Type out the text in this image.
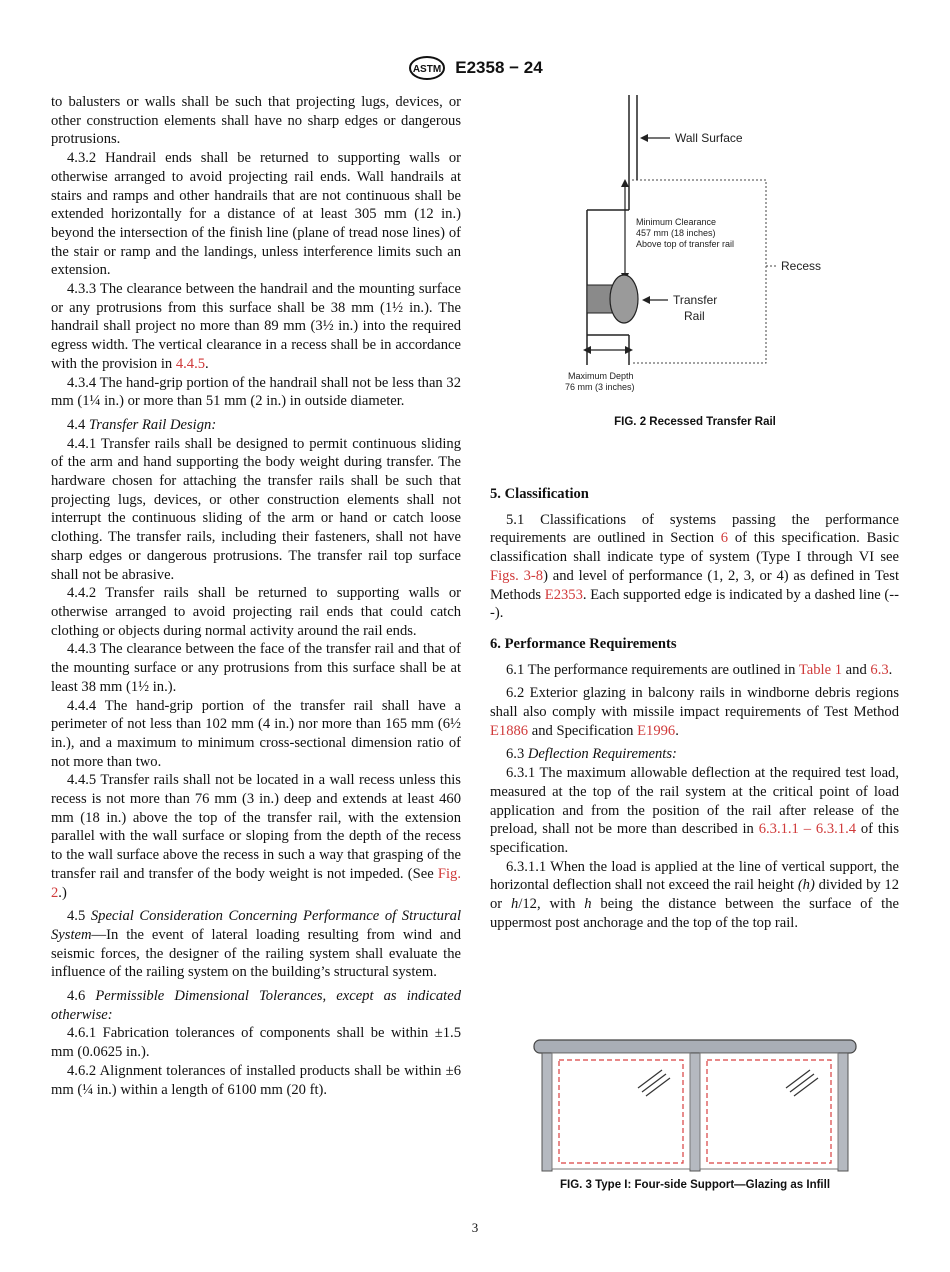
ASTM E2358 − 24

to balusters or walls shall be such that projecting lugs, devices, or other construction elements shall have no sharp edges or dangerous protrusions.

4.3.2 Handrail ends shall be returned to supporting walls or otherwise arranged to avoid projecting rail ends. Wall handrails at stairs and ramps and other handrails that are not continuous shall be extended horizontally for a distance of at least 305 mm (12 in.) beyond the intersection of the finish line (plane of tread nose lines) of the stair or ramp and the landings, unless interference limits such an extension.

4.3.3 The clearance between the handrail and the mounting surface or any protrusions from this surface shall be 38 mm (1½ in.). The handrail shall project no more than 89 mm (3½ in.) into the required egress width. The vertical clearance in a recess shall be in accordance with the provision in 4.4.5.

4.3.4 The hand-grip portion of the handrail shall not be less than 32 mm (1¼ in.) or more than 51 mm (2 in.) in outside diameter.

4.4 Transfer Rail Design:

4.4.1 Transfer rails shall be designed to permit continuous sliding of the arm and hand supporting the body weight during transfer. The hardware chosen for attaching the transfer rails shall be such that projecting lugs, devices, or other construction elements shall not interrupt the continuous sliding of the arm or hand or catch loose clothing. The transfer rails, including their fasteners, shall not have sharp edges or dangerous protrusions. The transfer rail top surface shall not be abrasive.

4.4.2 Transfer rails shall be returned to supporting walls or otherwise arranged to avoid projecting rail ends that could catch clothing or objects during normal activity around the rail ends.

4.4.3 The clearance between the face of the transfer rail and that of the mounting surface or any protrusions from this surface shall be at least 38 mm (1½ in.).

4.4.4 The hand-grip portion of the transfer rail shall have a perimeter of not less than 102 mm (4 in.) nor more than 165 mm (6½ in.), and a maximum to minimum cross-sectional dimension ratio of not more than two.

4.4.5 Transfer rails shall not be located in a wall recess unless this recess is not more than 76 mm (3 in.) deep and extends at least 460 mm (18 in.) above the top of the transfer rail, with the extension parallel with the wall surface or sloping from the depth of the recess to the wall surface above the recess in such a way that grasping of the transfer rail and transfer of the body weight is not impeded. (See Fig. 2.)

4.5 Special Consideration Concerning Performance of Structural System—In the event of lateral loading resulting from wind and seismic forces, the designer of the railing system shall evaluate the influence of the railing system on the building’s structural system.

4.6 Permissible Dimensional Tolerances, except as indicated otherwise:

4.6.1 Fabrication tolerances of components shall be within ±1.5 mm (0.0625 in.).

4.6.2 Alignment tolerances of installed products shall be within ±6 mm (¼ in.) within a length of 6100 mm (20 ft).

Wall Surface
Recess
Minimum Clearance
457 mm (18 inches)
Above top of transfer rail
Transfer
Rail
Maximum Depth
76 mm (3 inches)
FIG. 2 Recessed Transfer Rail
5. Classification

5.1 Classifications of systems passing the performance requirements are outlined in Section 6 of this specification. Basic classification shall indicate type of system (Type I through VI see Figs. 3-8) and level of performance (1, 2, 3, or 4) as defined in Test Methods E2353. Each supported edge is indicated by a dashed line (---).

6. Performance Requirements

6.1 The performance requirements are outlined in Table 1 and 6.3.

6.2 Exterior glazing in balcony rails in windborne debris regions shall also comply with missile impact requirements of Test Method E1886 and Specification E1996.

6.3 Deflection Requirements:

6.3.1 The maximum allowable deflection at the required test load, measured at the top of the rail system at the critical point of load application and from the position of the rail after release of the preload, shall not be more than described in 6.3.1.1 – 6.3.1.4 of this specification.

6.3.1.1 When the load is applied at the line of vertical support, the horizontal deflection shall not exceed the rail height (h) divided by 12 or h/12, with h being the distance between the surface of the uppermost post anchorage and the top of the top rail.

FIG. 3 Type I: Four-side Support—Glazing as Infill
3
